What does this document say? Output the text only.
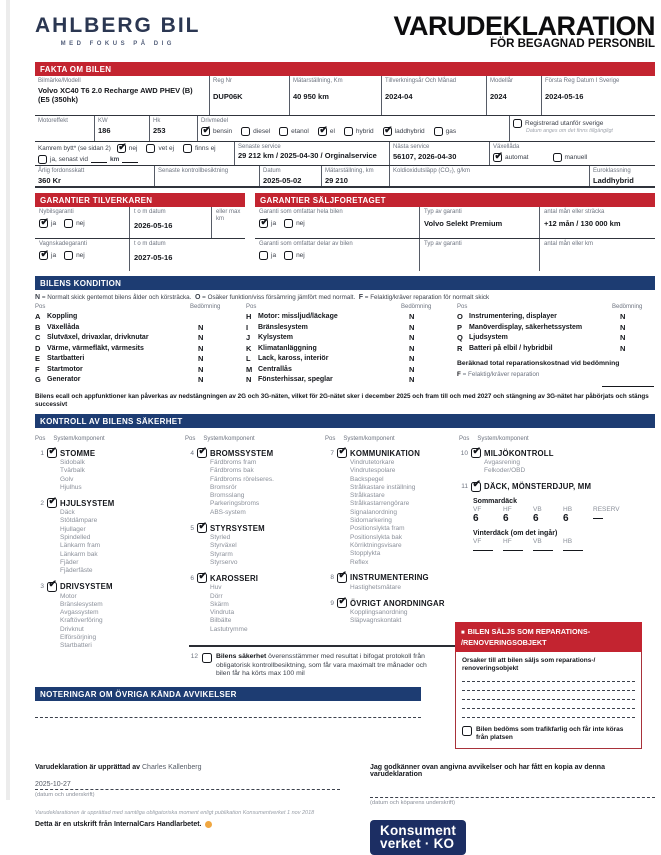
AHLBERG BIL
MED FOKUS PÅ DIG
VARUDEKLARATION
FÖR BEGAGNAD PERSONBIL
FAKTA OM BILEN
Bilmärke/Modell
Volvo XC40 T6 2.0 Recharge AWD PHEV (B) (E5 (350hk)
Reg Nr
DUP06K
Mätarställning, Km
40 950 km
Tillverkningsår Och Månad
2024-04
Modellår
2024
Första Reg Datum I Sverige
2024-05-16
Motoreffekt	KW
186
Hk
253
Drivmedel
✔
bensin	diesel	etanol ✔	el	hybrid ✔	laddhybrid	gas
Registrerad utanför sverige
Datum anges om det finns tillgängligt
Kamrem bytt* (se sidan 2) ✔	nej	vet ej	finns ej
ja, senast vid	km
Senaste service
29 212 km / 2025-04-30 / Orginalservice
Nästa service
56107, 2026-04-30
Växellåda
✔
automat	manuell
Årlig fordonsskatt
360 Kr
Senaste kontrollbesiktning	Datum
2025-05-02
Mätarställning, km
29 210
Koldioxidutsläpp (CO₂), g/km	Euroklassning
Laddhybrid
GARANTIER TILVERKAREN
Nybilsgaranti
✔
ja	nej
t o m datum
2026-05-16
eller max km
Vagnskadegaranti
✔
ja	nej
t o m datum
2027-05-16
GARANTIER SÄLJFORETAGET
Garanti som omfattar hela bilen
✔
ja	nej
Typ av garanti
Volvo Selekt Premium
antal mån eller sträcka
+12 mån / 130 000 km
Garanti som omfattar delar av bilen
ja	nej
Typ av garanti	antal mån eller km
BILENS KONDITION
N = Normalt skick gentemot bilens ålder och körsträcka. O = Osäker funktion/viss försämring jämfört med normalt. F = Felaktig/kräver reparation för normalt skick
Pos	Bedömning
A Koppling
B Växellåda	N
C Slutväxel, drivaxlar, drivknutar	N
D Värme, värmefläkt, värmesits	N
E Startbatteri	N
F	Startmotor	N
G Generator	N
Pos	Bedömning
H Motor: missljud/läckage	N
I	Bränslesystem	N
J	Kylsystem	N
K Klimatanläggning	N
L	Lack, kaross, interiör	N
M Centrallås	N
N Fönsterhissar, speglar	N
Pos	Bedömning
O Instrumentering, displayer	N
P Manöverdisplay, säkerhetssystem	N
Q Ljudsystem	N
R Batteri på elbil / hybridbil	N
Beräknad total reparationskostnad vid bedömning
F = Felaktig/kräver reparation
Bilens ecall och appfunktioner kan påverkas av nedstängningen av 2G och 3G-näten, vilket för 2G-nätet sker i december 2025 och fram till och med 2027 och stängning av 3G-nätet har påbörjats och stängs successivt
KONTROLL AV BILENS SÄKERHET
Pos System/komponent
1 ✔ STOMME
Sidobalk
Tvärbalk
Golv
Hjulhus
2 ✔ HJULSYSTEM
Däck
Stötdämpare
Hjullager
Spindelled
Länkarm fram
Länkarm bak
Fjäder
Fjäderfäste
3 ✔ DRIVSYSTEM
Motor
Bränslesystem
Avgassystem
Kraftöverföring
Drivknut
Elförsörjning
Startbatteri
Pos System/komponent
4 ✔ BROMSSYSTEM
Färdbroms fram
Färdbroms bak
Färdbroms rörelseres.
Bromsrör
Bromsslang
Parkeringsbroms
ABS-system
5 ✔ STYRSYSTEM
Styrled
Styrväxel
Styrarm
Styrservo
6 ✔ KAROSSERI
Huv
Dörr
Skärm
Vindruta
Bilbälte
Lastutrymme
Pos System/komponent
7 ✔ KOMMUNIKATION
Vindrutetorkare
Vindrutespolare
Backspegel
Strålkastare inställning
Strålkastare
Strålkastarrengörare
Signalanordning
Sidomarkering
Positionslykta fram
Positionslykta bak
Körriktningsvisare
Stopplykta
Reflex
8 ✔ INSTRUMENTERING
Hastighetsmätare
9 ✔ ÖVRIGT ANORDNINGAR
Kopplingsanordning
Släpvagnskontakt
12	Bilens säkerhet överensstämmer med resultat i bifogat protokoll från obligatorisk kontrollbesiktning, som får vara maximalt tre månader och bilen får ha körts max 100 mil
Pos System/komponent
10 ✔ MILJÖKONTROLL
Avgasrening
Felkoder/OBD
11 ✔ DÄCK, MÖNSTERDJUP, MM
Sommardäck
VF	HF	VB	HB	RESERV
6	6	6	6	—
Vinterdäck (om det ingår)
VF	HF	VB	HB
——	——	——	——
NOTERINGAR OM ÖVRIGA KÄNDA AVVIKELSER
■ BILEN SÄLJS SOM REPARATIONS- /RENOVERINGSOBJEKT
Orsaker till att bilen säljs som reparations-/ renoveringsobjekt
Bilen bedöms som trafikfarlig och får inte köras från platsen
Varudeklaration är upprättad av Charles Kallenberg
2025-10-27
(datum och underskrift)
Varudeklarationen är upprättad med samtliga obligatoriska moment enligt publikation Konsumentverket 1 nov 2018
Detta är en utskrift från InternalCars Handlarbetet.
Jag godkänner ovan angivna avvikelser och har fått en kopia av denna varudeklaration
(datum och köparens underskrift)
Konsument
verket · KO
